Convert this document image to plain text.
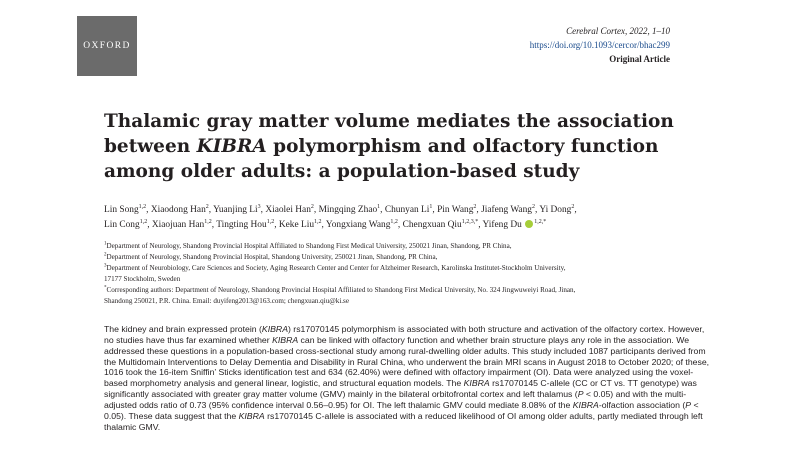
OXFORD
Cerebral Cortex, 2022, 1–10
https://doi.org/10.1093/cercor/bhac299
Original Article
Thalamic gray matter volume mediates the association between KIBRA polymorphism and olfactory function among older adults: a population-based study
Lin Song$^{1,2}$, Xiaodong Han$^2$, Yuanjing Li$^3$, Xiaolei Han$^2$, Mingqing Zhao$^1$, Chunyan Li$^1$, Pin Wang$^2$, Jiafeng Wang$^2$, Yi Dong$^2$,
Lin Cong$^{1,2}$, Xiaojuan Han$^{1,2}$, Tingting Hou$^{1,2}$, Keke Liu$^{1,2}$, Yongxiang Wang$^{1,2}$, Chengxuan Qiu$^{1,2,3,*}$, Yifeng Du $^{1,2,*}$
$^1$Department of Neurology, Shandong Provincial Hospital Affiliated to Shandong First Medical University, 250021 Jinan, Shandong, PR China,
$^2$Department of Neurology, Shandong Provincial Hospital, Shandong University, 250021 Jinan, Shandong, PR China,
$^3$Department of Neurobiology, Care Sciences and Society, Aging Research Center and Center for Alzheimer Research, Karolinska Institutet-Stockholm University,
17177 Stockholm, Sweden
*Corresponding authors: Department of Neurology, Shandong Provincial Hospital Affiliated to Shandong First Medical University, No. 324 Jingwuweiyi Road, Jinan,
Shandong 250021, P.R. China. Email: duyifeng2013@163.com; chengxuan.qiu@ki.se

The kidney and brain expressed protein (KIBRA) rs17070145 polymorphism is associated with both structure and activation of the olfactory cortex. However, no studies have thus far examined whether KIBRA can be linked with olfactory function and whether brain structure plays any role in the association. We addressed these questions in a population-based cross-sectional study among rural-dwelling older adults. This study included 1087 participants derived from the Multidomain Interventions to Delay Dementia and Disability in Rural China, who underwent the brain MRI scans in August 2018 to October 2020; of these, 1016 took the 16-item Sniffin’ Sticks identification test and 634 (62.40%) were defined with olfactory impairment (OI). Data were analyzed using the voxel-based morphometry analysis and general linear, logistic, and structural equation models. The KIBRA rs17070145 C-allele (CC or CT vs. TT genotype) was significantly associated with greater gray matter volume (GMV) mainly in the bilateral orbitofrontal cortex and left thalamus (P < 0.05) and with the multi-adjusted odds ratio of 0.73 (95% confidence interval 0.56–0.95) for OI. The left thalamic GMV could mediate 8.08% of the KIBRA-olfaction association (P < 0.05). These data suggest that the KIBRA rs17070145 C-allele is associated with a reduced likelihood of OI among older adults, partly mediated through left thalamic GMV.
